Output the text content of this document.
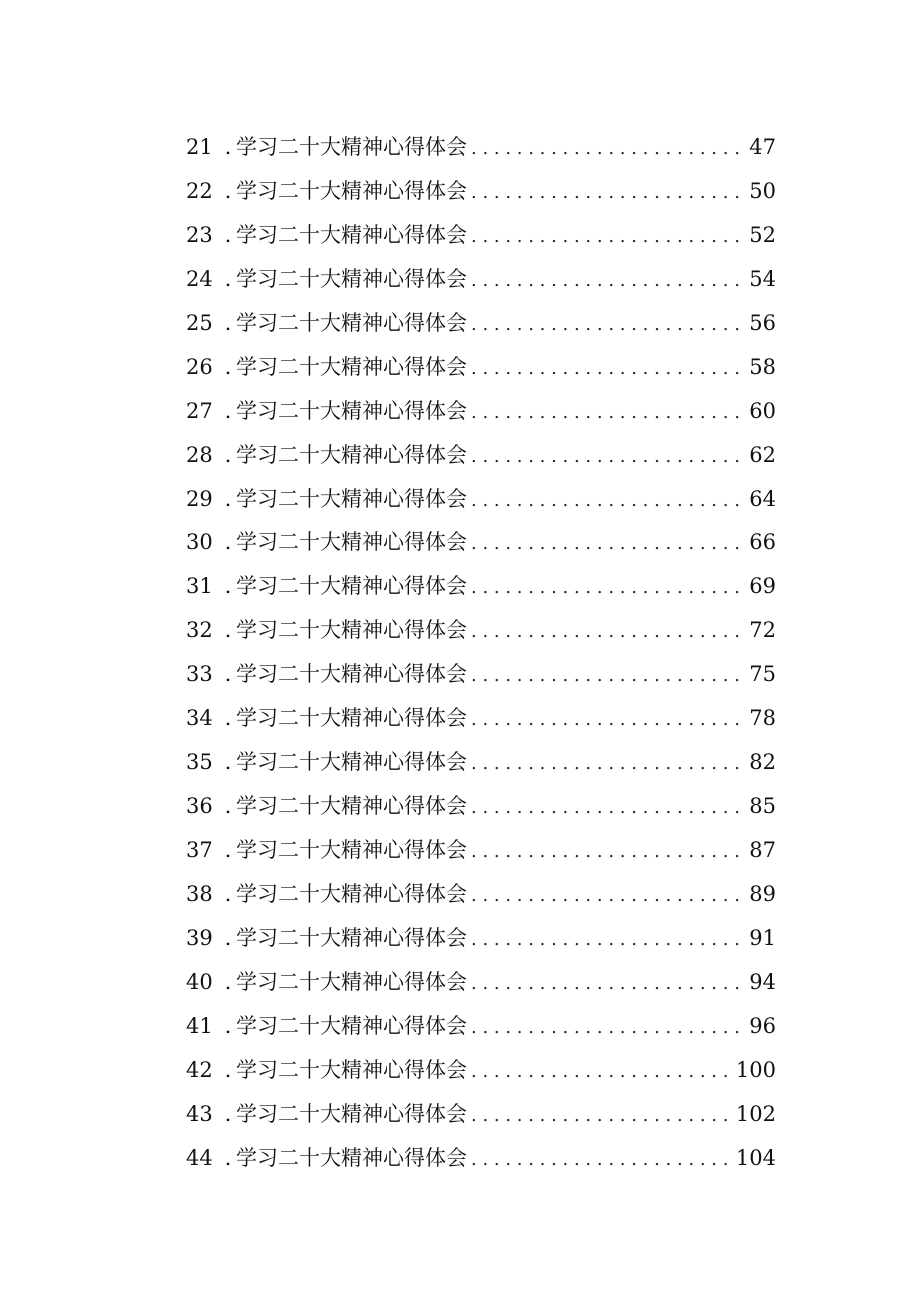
21 . 学习二十大精神心得体会 . . .	47
22 . 学习二十大精神心得体会 . . .	50
23 . 学习二十大精神心得体会 . . .	52
24 . 学习二十大精神心得体会 . . .	54
25 . 学习二十大精神心得体会 . . .	56
26 . 学习二十大精神心得体会 . . .	58
27 . 学习二十大精神心得体会 . . .	60
28 . 学习二十大精神心得体会 . . .	62
29 . 学习二十大精神心得体会 . . .	64
30 . 学习二十大精神心得体会 . . .	66
31 . 学习二十大精神心得体会 . . .	69
32 . 学习二十大精神心得体会 . . .	72
33 . 学习二十大精神心得体会 . . .	75
34 . 学习二十大精神心得体会 . . .	78
35 . 学习二十大精神心得体会 . . .	82
36 . 学习二十大精神心得体会 . . .	85
37 . 学习二十大精神心得体会 . . .	87
38 . 学习二十大精神心得体会 . . .	89
39 . 学习二十大精神心得体会 . . .	91
40 . 学习二十大精神心得体会 . . .	94
41 . 学习二十大精神心得体会 . . .	96
42 . 学习二十大精神心得体会 . . .	100
43 . 学习二十大精神心得体会 . . .	102
44 . 学习二十大精神心得体会 . . .	104
